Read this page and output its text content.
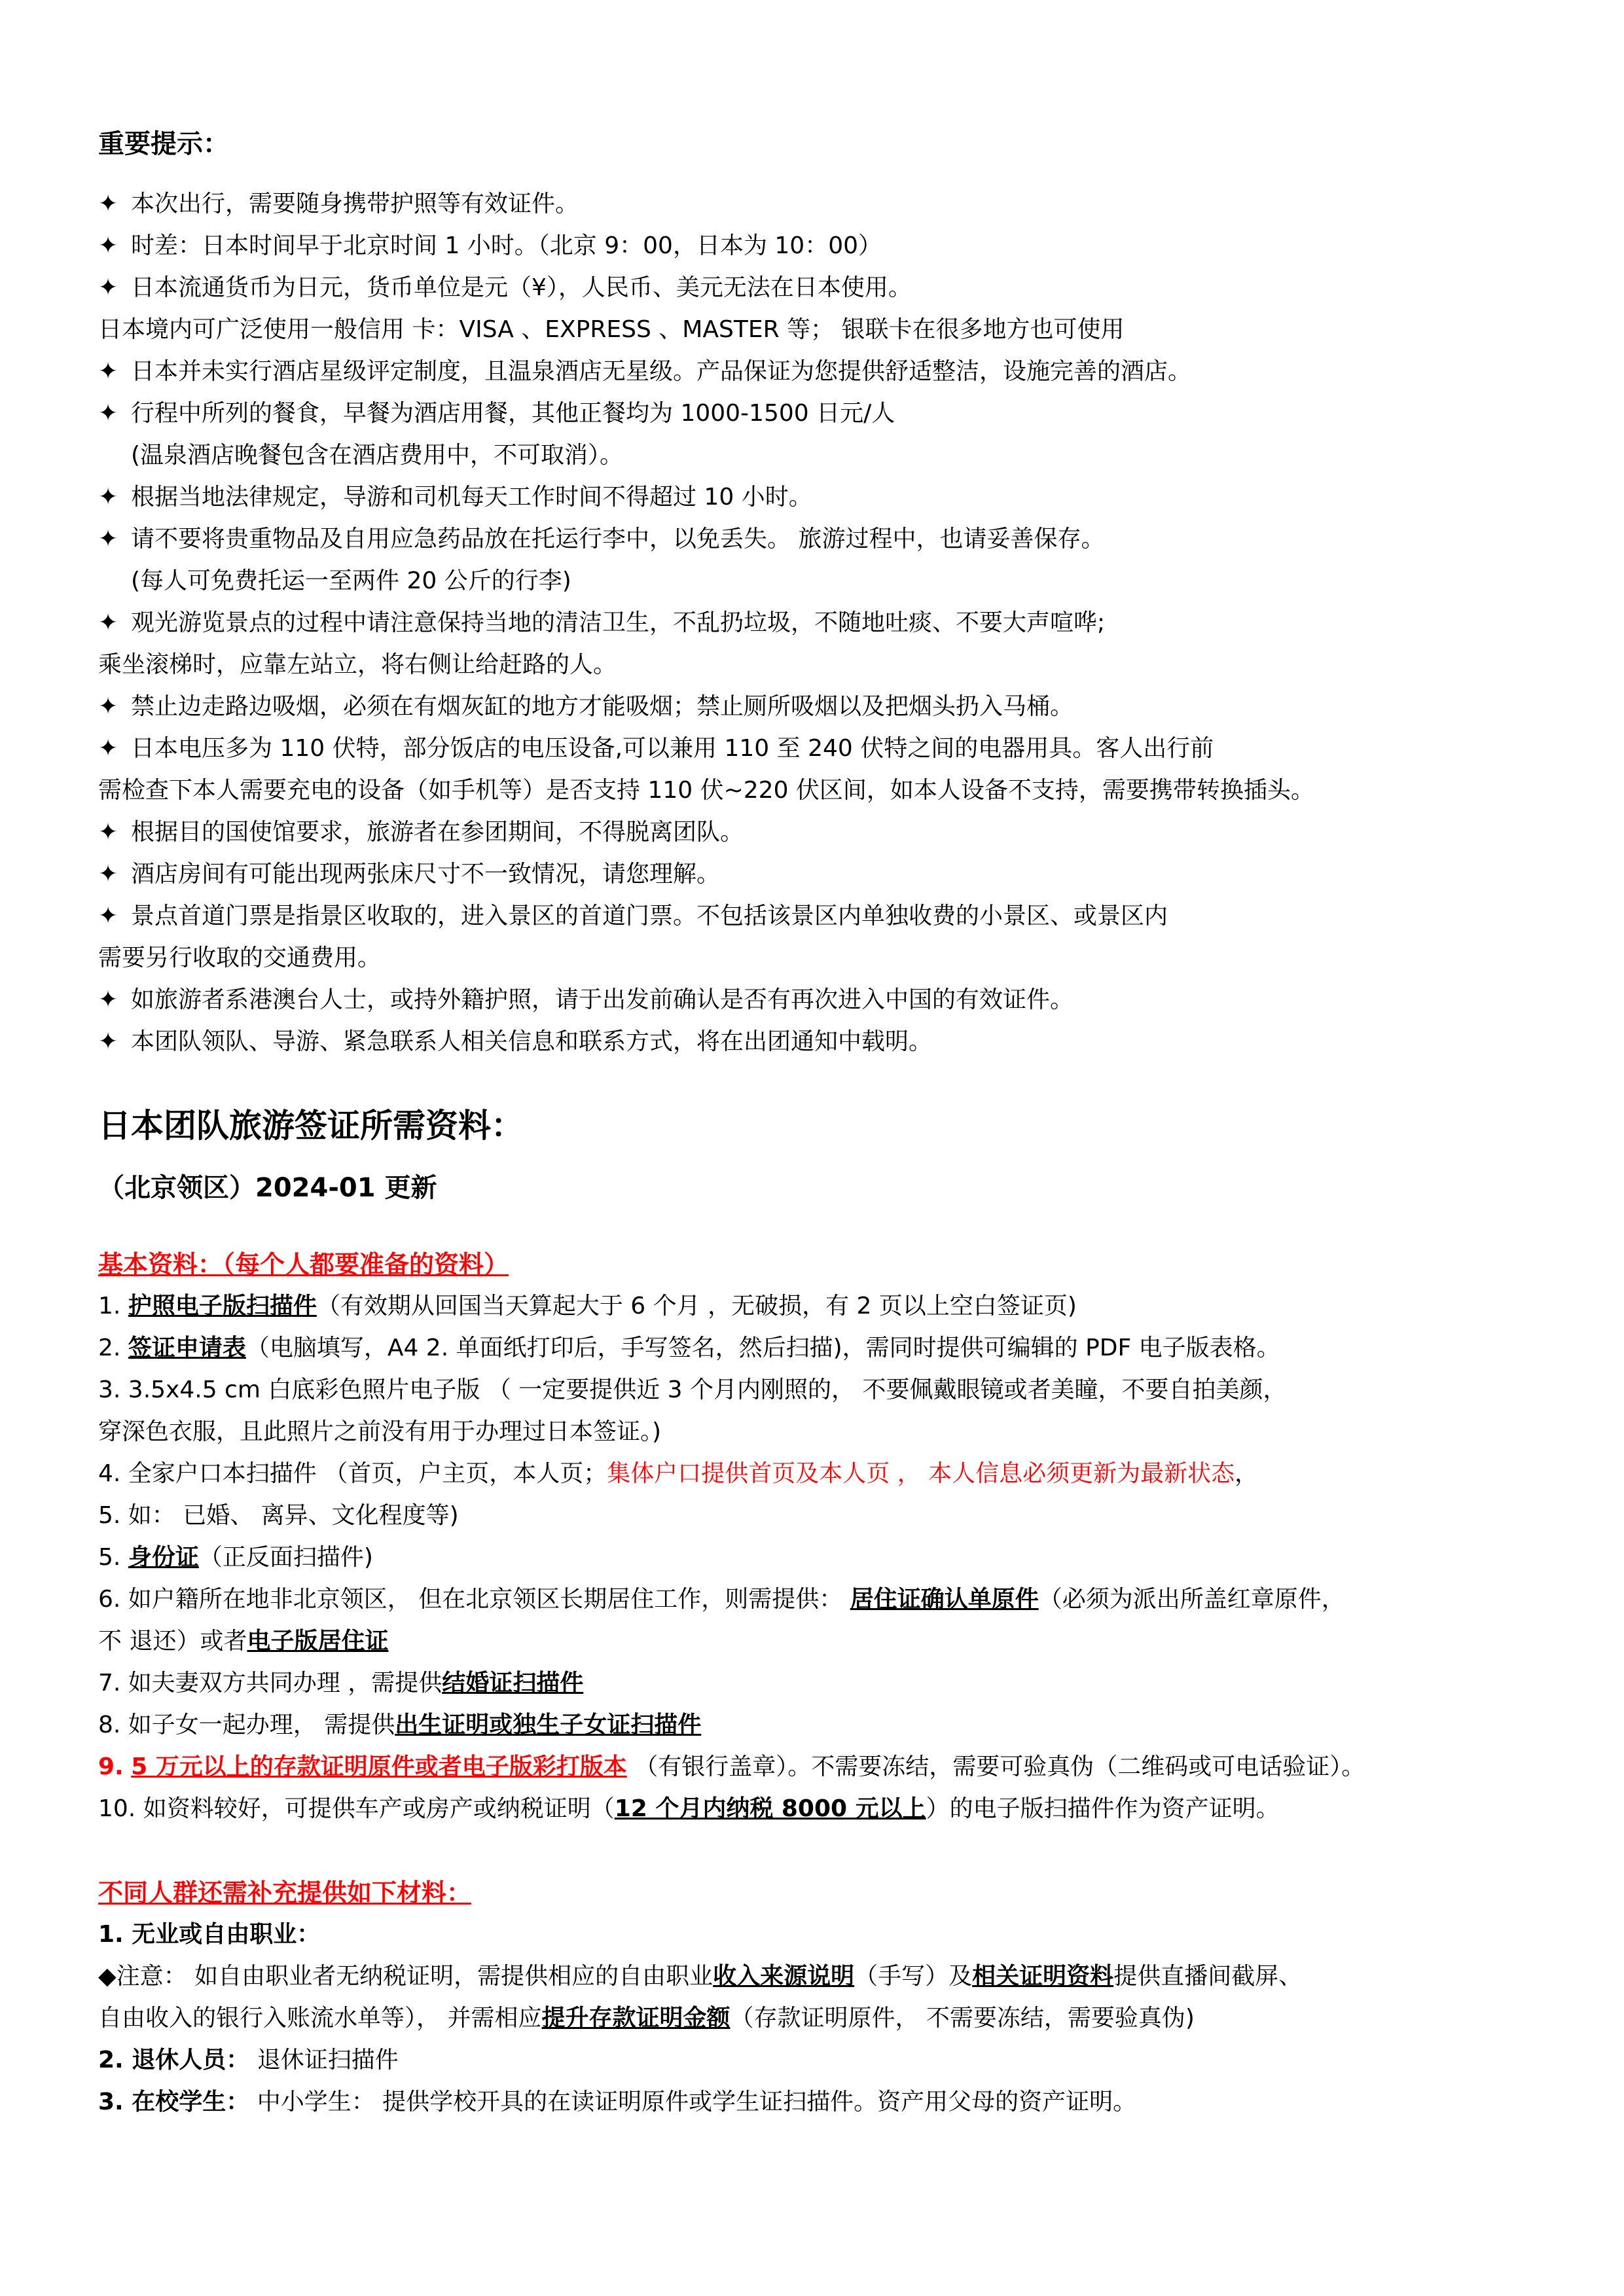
重要提示：
✦ 本次出行，需要随身携带护照等有效证件。
✦ 时差：日本时间早于北京时间 1 小时。（北京 9：00，日本为 10：00）
✦ 日本流通货币为日元，货币单位是元（¥），人民币、美元无法在日本使用。
日本境内可广泛使用一般信用 卡：VISA 、EXPRESS 、MASTER 等； 银联卡在很多地方也可使用
✦ 日本并未实行酒店星级评定制度，且温泉酒店无星级。产品保证为您提供舒适整洁，设施完善的酒店。
✦ 行程中所列的餐食，早餐为酒店用餐，其他正餐均为 1000-1500 日元/人
(温泉酒店晚餐包含在酒店费用中，不可取消）。
✦ 根据当地法律规定，导游和司机每天工作时间不得超过 10 小时。
✦ 请不要将贵重物品及自用应急药品放在托运行李中，以免丢失。 旅游过程中，也请妥善保存。
(每人可免费托运一至两件 20 公斤的行李)
✦ 观光游览景点的过程中请注意保持当地的清洁卫生，不乱扔垃圾，不随地吐痰、不要大声喧哗;
乘坐滚梯时，应靠左站立，将右侧让给赶路的人。
✦ 禁止边走路边吸烟，必须在有烟灰缸的地方才能吸烟；禁止厕所吸烟以及把烟头扔入马桶。
✦ 日本电压多为 110 伏特，部分饭店的电压设备,可以兼用 110 至 240 伏特之间的电器用具。客人出行前
需检查下本人需要充电的设备（如手机等）是否支持 110 伏~220 伏区间，如本人设备不支持，需要携带转换插头。
✦ 根据目的国使馆要求，旅游者在参团期间，不得脱离团队。
✦ 酒店房间有可能出现两张床尺寸不一致情况，请您理解。
✦ 景点首道门票是指景区收取的，进入景区的首道门票。不包括该景区内单独收费的小景区、或景区内
需要另行收取的交通费用。
✦ 如旅游者系港澳台人士，或持外籍护照，请于出发前确认是否有再次进入中国的有效证件。
✦ 本团队领队、导游、紧急联系人相关信息和联系方式，将在出团通知中载明。
日本团队旅游签证所需资料：
（北京领区）2024-01 更新
基本资料：（每个人都要准备的资料）
1. 护照电子版扫描件（有效期从回国当天算起大于 6 个月 ，无破损，有 2 页以上空白签证页)
2. 签证申请表（电脑填写，A4 2. 单面纸打印后，手写签名，然后扫描)，需同时提供可编辑的 PDF 电子版表格。
3. 3.5x4.5 cm 白底彩色照片电子版 （ 一定要提供近 3 个月内刚照的， 不要佩戴眼镜或者美瞳，不要自拍美颜，
穿深色衣服，且此照片之前没有用于办理过日本签证。)
4. 全家户口本扫描件 （首页，户主页，本人页；集体户口提供首页及本人页 ， 本人信息必须更新为最新状态，
5. 如： 已婚、 离异、文化程度等)
5. 身份证（正反面扫描件)
6. 如户籍所在地非北京领区， 但在北京领区长期居住工作，则需提供： 居住证确认单原件（必须为派出所盖红章原件，
不 退还）或者电子版居住证
7. 如夫妻双方共同办理 ，需提供结婚证扫描件
8. 如子女一起办理， 需提供出生证明或独生子女证扫描件
9. 5 万元以上的存款证明原件或者电子版彩打版本 （有银行盖章）。不需要冻结，需要可验真伪（二维码或可电话验证）。
10. 如资料较好，可提供车产或房产或纳税证明（12 个月内纳税 8000 元以上）的电子版扫描件作为资产证明。
不同人群还需补充提供如下材料：
1. 无业或自由职业：
◆注意： 如自由职业者无纳税证明，需提供相应的自由职业收入来源说明（手写）及相关证明资料提供直播间截屏、
自由收入的银行入账流水单等）， 并需相应提升存款证明金额（存款证明原件， 不需要冻结，需要验真伪)
2. 退休人员： 退休证扫描件
3. 在校学生： 中小学生： 提供学校开具的在读证明原件或学生证扫描件。资产用父母的资产证明。
